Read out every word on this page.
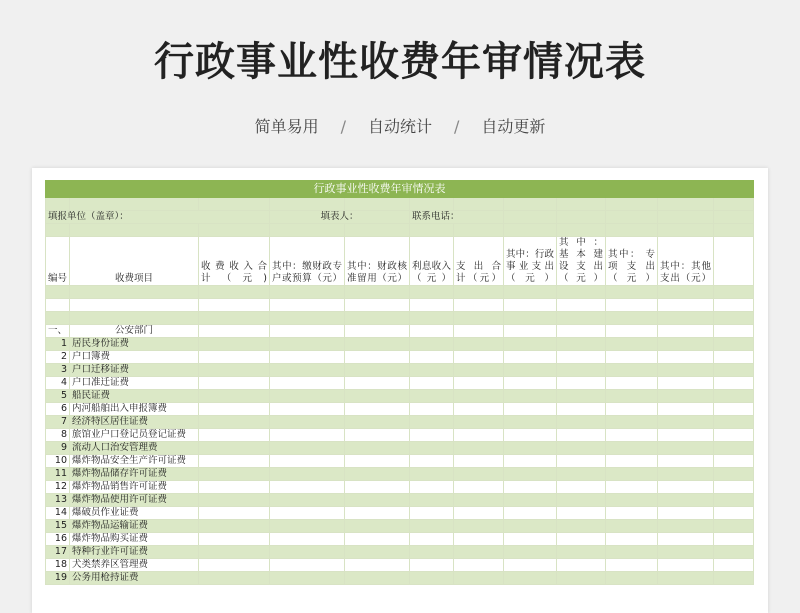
行政事业性收费年审情况表
简单易用 / 自动统计 / 自动更新
行政事业性收费年审情况表											

填报单位（盖章）：			填表人：		联系电话：						

编号	收费项目	收 费 收 入 合 计（元)	其中：缴财政专户或预算（元）	其中：财政核准留用（元）	利息收入（元）	支 出 合 计（元）	其中：行政事 业 支 出（元）	其 中 ： 基 本 建 设 支 出（元）	其中： 专项支出（元）	其中：其他支出（元）	

一、	公安部门										
1	居民身份证费										
2	户口簿费										
3	户口迁移证费										
4	户口准迁证费										
5	船民证费										
6	内河船舶出入申报簿费										
7	经济特区居住证费										
8	旅馆业户口登记员登记证费										
9	流动人口治安管理费										
10	爆炸物品安全生产许可证费										
11	爆炸物品储存许可证费										
12	爆炸物品销售许可证费										
13	爆炸物品使用许可证费										
14	爆破员作业证费										
15	爆炸物品运输证费										
16	爆炸物品购买证费										
17	特种行业许可证费										
18	犬类禁养区管理费										
19	公务用枪持证费										
